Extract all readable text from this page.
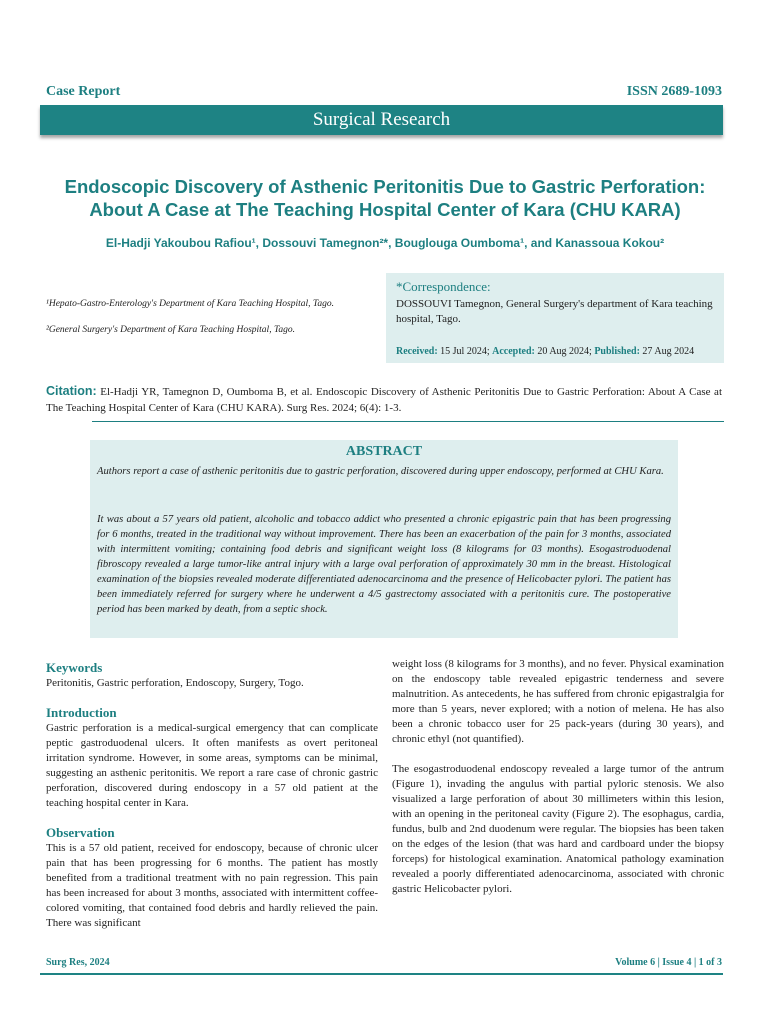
Case Report	ISSN 2689-1093
Surgical Research
Endoscopic Discovery of Asthenic Peritonitis Due to Gastric Perforation:
About A Case at The Teaching Hospital Center of Kara (CHU KARA)
El-Hadji Yakoubou Rafiou¹, Dossouvi Tamegnon²*, Bouglouga Oumboma¹, and Kanassoua Kokou²
¹Hepato-Gastro-Enterology's Department of Kara Teaching Hospital, Tago.
²General Surgery's Department of Kara Teaching Hospital, Tago.
*Correspondence:
DOSSOUVI Tamegnon, General Surgery's department of Kara teaching hospital, Tago.
Received: 15 Jul 2024; Accepted: 20 Aug 2024; Published: 27 Aug 2024
Citation: El-Hadji YR, Tamegnon D, Oumboma B, et al. Endoscopic Discovery of Asthenic Peritonitis Due to Gastric Perforation: About A Case at The Teaching Hospital Center of Kara (CHU KARA). Surg Res. 2024; 6(4): 1-3.
ABSTRACT
Authors report a case of asthenic peritonitis due to gastric perforation, discovered during upper endoscopy, performed at CHU Kara.
It was about a 57 years old patient, alcoholic and tobacco addict who presented a chronic epigastric pain that has been progressing for 6 months, treated in the traditional way without improvement. There has been an exacerbation of the pain for 3 months, associated with intermittent vomiting; containing food debris and significant weight loss (8 kilograms for 03 months). Esogastroduodenal fibroscopy revealed a large tumor-like antral injury with a large oval perforation of approximately 30 mm in the breast. Histological examination of the biopsies revealed moderate differentiated adenocarcinoma and the presence of Helicobacter pylori. The patient has been immediately referred for surgery where he underwent a 4/5 gastrectomy associated with a peritonitis cure. The postoperative period has been marked by death, from a septic shock.
Keywords
Peritonitis, Gastric perforation, Endoscopy, Surgery, Togo.
Introduction
Gastric perforation is a medical-surgical emergency that can complicate peptic gastroduodenal ulcers. It often manifests as overt peritoneal irritation syndrome. However, in some areas, symptoms can be minimal, suggesting an asthenic peritonitis. We report a rare case of chronic gastric perforation, discovered during endoscopy in a 57 old patient at the teaching hospital center in Kara.
Observation
This is a 57 old patient, received for endoscopy, because of chronic ulcer pain that has been progressing for 6 months. The patient has mostly benefited from a traditional treatment with no pain regression. This pain has been increased for about 3 months, associated with intermittent coffee-colored vomiting, that contained food debris and hardly relieved the pain. There was significant
weight loss (8 kilograms for 3 months), and no fever. Physical examination on the endoscopy table revealed epigastric tenderness and severe malnutrition. As antecedents, he has suffered from chronic epigastralgia for more than 5 years, never explored; with a notion of melena. He has also been a chronic tobacco user for 25 pack-years (during 30 years), and chronic ethyl (not quantified).
The esogastroduodenal endoscopy revealed a large tumor of the antrum (Figure 1), invading the angulus with partial pyloric stenosis. We also visualized a large perforation of about 30 millimeters within this lesion, with an opening in the peritoneal cavity (Figure 2). The esophagus, cardia, fundus, bulb and 2nd duodenum were regular. The biopsies has been taken on the edges of the lesion (that was hard and cardboard under the biopsy forceps) for histological examination. Anatomical pathology examination revealed a poorly differentiated adenocarcinoma, associated with chronic gastric Helicobacter pylori.
Surg Res, 2024	Volume 6 | Issue 4 | 1 of 3
